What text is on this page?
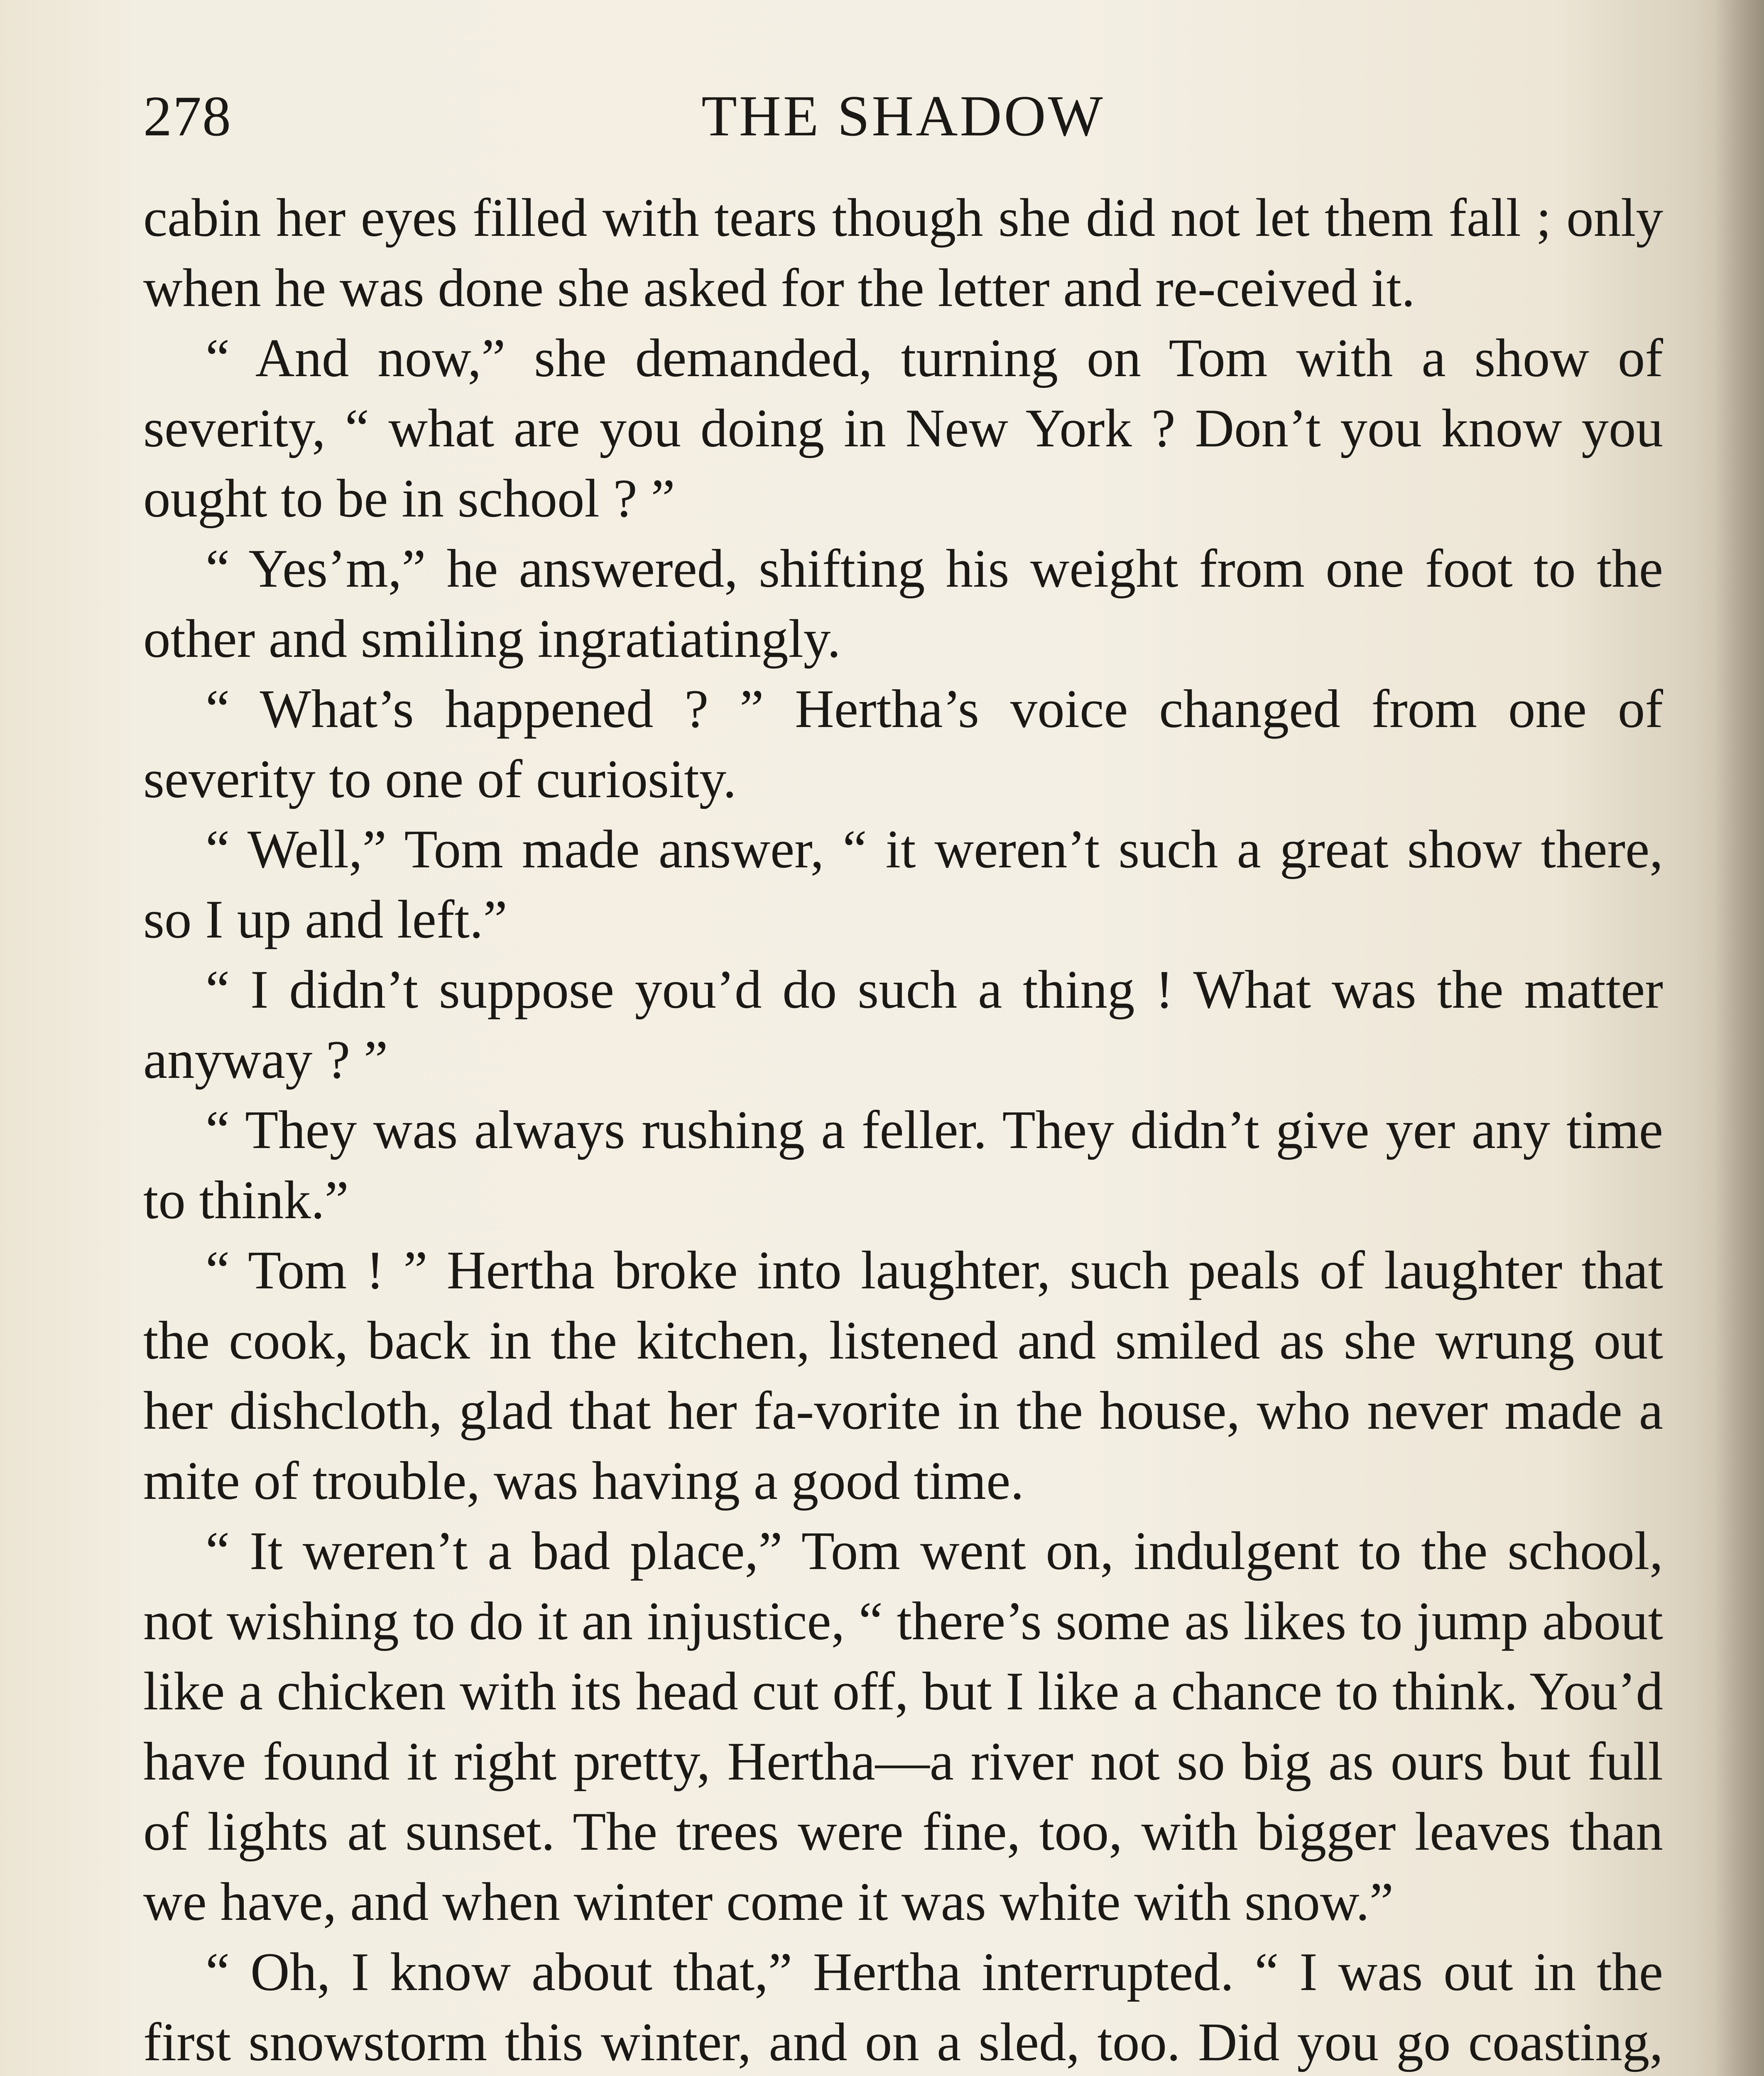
278	THE SHADOW

cabin her eyes filled with tears though she did not let them fall ; only when he was done she asked for the letter and re-ceived it.

“ And now,” she demanded, turning on Tom with a show of severity, “ what are you doing in New York ? Don’t you know you ought to be in school ? ”

“ Yes’m,” he answered, shifting his weight from one foot to the other and smiling ingratiatingly.

“ What’s happened ? ” Hertha’s voice changed from one of severity to one of curiosity.

“ Well,” Tom made answer, “ it weren’t such a great show there, so I up and left.”

“ I didn’t suppose you’d do such a thing ! What was the matter anyway ? ”

“ They was always rushing a feller. They didn’t give yer any time to think.”

“ Tom ! ” Hertha broke into laughter, such peals of laughter that the cook, back in the kitchen, listened and smiled as she wrung out her dishcloth, glad that her fa-vorite in the house, who never made a mite of trouble, was having a good time.

“ It weren’t a bad place,” Tom went on, indulgent to the school, not wishing to do it an injustice, “ there’s some as likes to jump about like a chicken with its head cut off, but I like a chance to think. You’d have found it right pretty, Hertha—a river not so big as ours but full of lights at sunset. The trees were fine, too, with bigger leaves than we have, and when winter come it was white with snow.”

“ Oh, I know about that,” Hertha interrupted. “ I was out in the first snowstorm this winter, and on a sled, too. Did you go coasting,
